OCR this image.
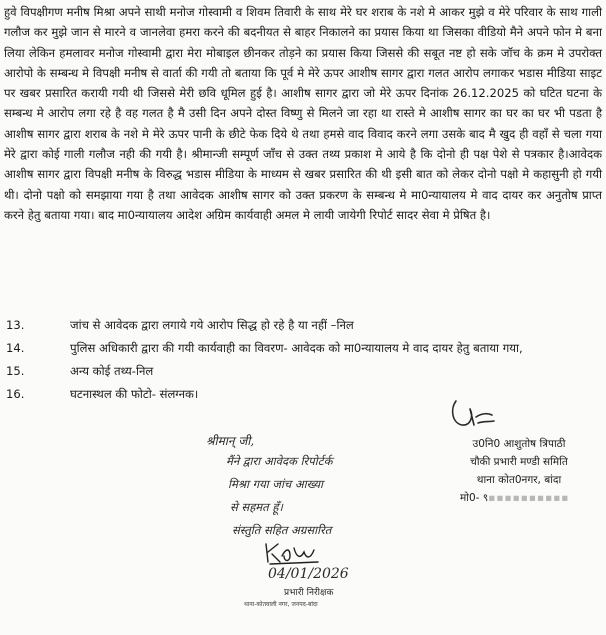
हुवे विपक्षीगण मनीष मिश्रा अपने साथी मनोज गोस्वामी व शिवम तिवारी के साथ मेरे घर शराब के नशे मे आकर मुझे व मेरे परिवार के साथ गाली गलौज कर मुझे जान से मारने व जानलेवा हमरा करने की बदनीयत से बाहर निकालने का प्रयास किया था जिसका वीडियो मैने अपने फोन मे बना लिया लेकिन हमलावर मनोज गोस्वामी द्वारा मेरा मोबाइल छीनकर तोड़ने का प्रयास किया जिससे की सबूत नष्ट हो सके जॉच के क्रम मे उपरोक्त आरोपो के सम्बन्ध मे विपक्षी मनीष से वार्ता की गयी तो बताया कि पूर्व मे मेरे ऊपर आशीष सागर द्वारा गलत आरोप लगाकर भडास मीडिया साइट पर खबर प्रसारित करायी गयी थी जिससे मेरी छवि धूमिल हुई है। आशीष सागर द्वारा जो मेरे ऊपर दिनांक 26.12.2025 को घटित घटना के सम्बन्ध मे आरोप लगा रहे है वह गलत है मै उसी दिन अपने दोस्त विष्णु से मिलने जा रहा था रास्ते मे आशीष सागर का घर का घर भी पडता है आशीष सागर द्वारा शराब के नशे मे मेरे ऊपर पानी के छीटे फेक दिये थे तथा हमसे वाद विवाद करने लगा उसके बाद मै खुद ही वहाँ से चला गया मेरे द्वारा कोई गाली गलौज नही की गयी है। श्रीमान्जी सम्पूर्ण जाँच से उक्त तथ्य प्रकाश मे आये है कि दोनो ही पक्ष पेशे से पत्रकार है।आवेदक आशीष सागर द्वारा विपक्षी मनीष के विरुद्ध भडास मीडिया के माध्यम से खबर प्रसारित की थी इसी बात को लेकर दोनो पक्षो मे कहासुनी हो गयी थी। दोनो पक्षो को समझाया गया है तथा आवेदक आशीष सागर को उक्त प्रकरण के सम्बन्ध मे मा0न्यायालय मे वाद दायर कर अनुतोष प्राप्त करने हेतु बताया गया। बाद मा0न्यायालय आदेश अग्रिम कार्यवाही अमल मे लायी जायेगी रिपोर्ट सादर सेवा मे प्रेषित है।

13.	जांच से आवेदक द्वारा लगाये गये आरोप सिद्ध हो रहे है या नहीं –निल
14.	पुलिस अधिकारी द्वारा की गयी कार्यवाही का विवरण- आवेदक को मा0न्यायालय मे वाद दायर हेतु बताया गया,
15.	अन्य कोई तथ्य-निल
16.	घटनास्थल की फोटो- संलग्नक।
उ0नि0 आशुतोष त्रिपाठी
चौकी प्रभारी मण्डी समिति
थाना कोत0नगर, बांदा
मो0- ९▪▪▪▪▪▪▪▪▪▪
श्रीमान् जी,
मैंने द्वारा आवेदक रिपोर्टर्क
मिश्रा गया जांच आख्या
से सहमत हूँ।
संस्तुति सहित अग्रसारित
04/01/2026
प्रभारी निरीक्षक
थाना-कोतवाली नगर, जनपद-बांदा
